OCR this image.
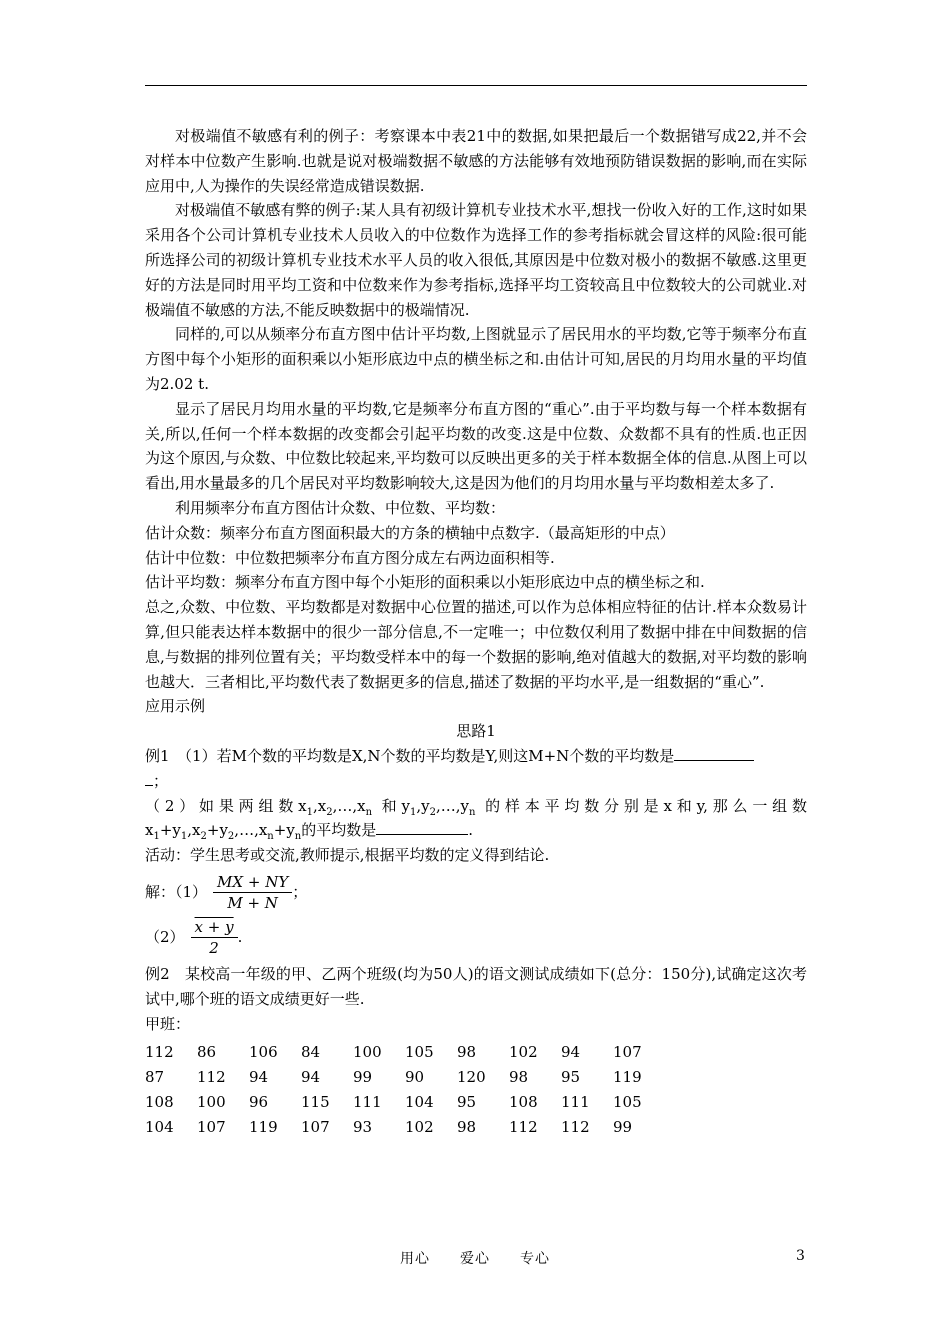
对极端值不敏感有利的例子：考察课本中表21中的数据,如果把最后一个数据错写成22,并不会对样本中位数产生影响.也就是说对极端数据不敏感的方法能够有效地预防错误数据的影响,而在实际应用中,人为操作的失误经常造成错误数据.

对极端值不敏感有弊的例子:某人具有初级计算机专业技术水平,想找一份收入好的工作,这时如果采用各个公司计算机专业技术人员收入的中位数作为选择工作的参考指标就会冒这样的风险:很可能所选择公司的初级计算机专业技术水平人员的收入很低,其原因是中位数对极小的数据不敏感.这里更好的方法是同时用平均工资和中位数来作为参考指标,选择平均工资较高且中位数较大的公司就业.对极端值不敏感的方法,不能反映数据中的极端情况.

同样的,可以从频率分布直方图中估计平均数,上图就显示了居民用水的平均数,它等于频率分布直方图中每个小矩形的面积乘以小矩形底边中点的横坐标之和.由估计可知,居民的月均用水量的平均值为2.02 t.

显示了居民月均用水量的平均数,它是频率分布直方图的“重心”.由于平均数与每一个样本数据有关,所以,任何一个样本数据的改变都会引起平均数的改变.这是中位数、众数都不具有的性质.也正因为这个原因,与众数、中位数比较起来,平均数可以反映出更多的关于样本数据全体的信息.从图上可以看出,用水量最多的几个居民对平均数影响较大,这是因为他们的月均用水量与平均数相差太多了.

利用频率分布直方图估计众数、中位数、平均数：

估计众数：频率分布直方图面积最大的方条的横轴中点数字.（最高矩形的中点）

估计中位数：中位数把频率分布直方图分成左右两边面积相等.

估计平均数：频率分布直方图中每个小矩形的面积乘以小矩形底边中点的横坐标之和.

总之,众数、中位数、平均数都是对数据中心位置的描述,可以作为总体相应特征的估计.样本众数易计算,但只能表达样本数据中的很少一部分信息,不一定唯一；中位数仅利用了数据中排在中间数据的信息,与数据的排列位置有关；平均数受样本中的每一个数据的影响,绝对值越大的数据,对平均数的影响也越大．三者相比,平均数代表了数据更多的信息,描述了数据的平均水平,是一组数据的“重心”.

应用示例

思路1

例1　（1）若M个数的平均数是X,N个数的平均数是Y,则这M+N个数的平均数是
；

（2）如果两组数$x_1,x_2,\dots,x_n$ 和$y_1,y_2,\dots,y_n$ 的样本平均数分别是x和y,那么一组数$x_1+y_1,x_2+y_2,\dots,x_n+y_n$的平均数是	.

活动：学生思考或交流,教师提示,根据平均数的定义得到结论.

解：$(1) \frac{MX + NY}{M + N}$ ；
$(2) \frac{x + y}{2}$ .

例2　某校高一年级的甲、乙两个班级(均为50人)的语文测试成绩如下(总分：150分),试确定这次考试中,哪个班的语文成绩更好一些.

甲班：

112	86	106	84	100	105	98	102	94	107
87	112	94	94	99	90	120	98	95	119
108	100	96	115	111	104	95	108	111	105
104	107	119	107	93	102	98	112	112	99
用心　　爱心　　专心	3
